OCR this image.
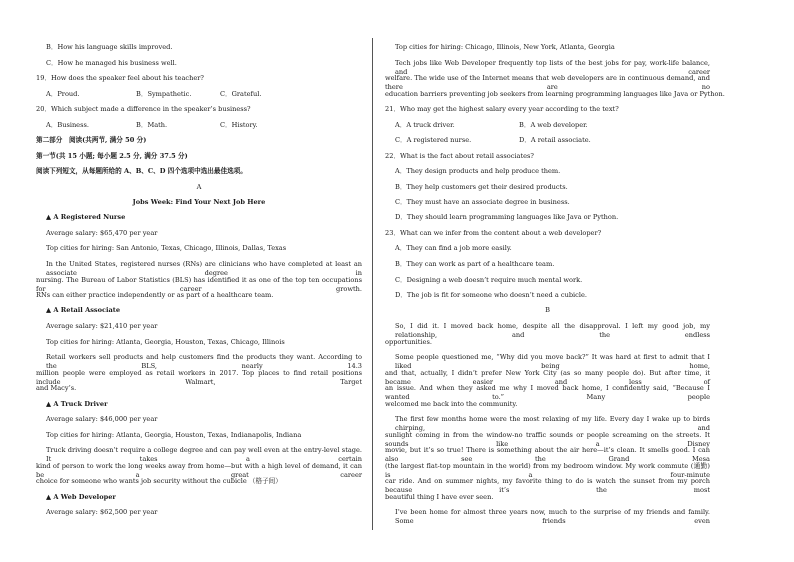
B．How his language skills improved.
C．How he managed his business well.
19．How does the speaker feel about his teacher?
A．Proud.	B．Sympathetic.	C．Grateful.
20．Which subject made a difference in the speaker’s business?
A．Business.	B．Math.	C．History.
第二部分　阅读(共两节, 满分 50 分)
第一节(共 15 小题; 每小题 2.5 分, 满分 37.5 分)
阅读下列短文，从每题所给的 A、B、C、D 四个选项中选出最佳选项。
A
Jobs Week: Find Your Next Job Here
▲ A Registered Nurse
Average salary: $65,470 per year
Top cities for hiring: San Antonio, Texas, Chicago, Illinois, Dallas, Texas
In the United States, registered nurses (RNs) are clinicians who have completed at least an associate degree in
nursing. The Bureau of Labor Statistics (BLS) has identified it as one of the top ten occupations for career growth.
RNs can either practice independently or as part of a healthcare team.
▲ A Retail Associate
Average salary: $21,410 per year
Top cities for hiring: Atlanta, Georgia, Houston, Texas, Chicago, Illinois
Retail workers sell products and help customers find the products they want. According to the BLS, nearly 14.3
million people were employed as retail workers in 2017. Top places to find retail positions include Walmart, Target
and Macy’s.
▲ A Truck Driver
Average salary: $46,000 per year
Top cities for hiring: Atlanta, Georgia, Houston, Texas, Indianapolis, Indiana
Truck driving doesn’t require a college degree and can pay well even at the entry-level stage. It takes a certain
kind of person to work the long weeks away from home—but with a high level of demand, it can be a great career
choice for someone who wants job security without the cubicle （格子间）
▲ A Web Developer
Average salary: $62,500 per year
Top cities for hiring: Chicago, Illinois, New York, Atlanta, Georgia
Tech jobs like Web Developer frequently top lists of the best jobs for pay, work-life balance, and career
welfare. The wide use of the Internet means that web developers are in continuous demand, and there are no
education barriers preventing job seekers from learning programming languages like Java or Python.
21．Who may get the highest salary every year according to the text?
A．A truck driver.	B．A web developer.
C．A registered nurse.	D．A retail associate.
22．What is the fact about retail associates?
A．They design products and help produce them.
B．They help customers get their desired products.
C．They must have an associate degree in business.
D．They should learn programming languages like Java or Python.
23．What can we infer from the content about a web developer?
A．They can find a job more easily.
B．They can work as part of a healthcare team.
C．Designing a web doesn’t require much mental work.
D．The job is fit for someone who doesn’t need a cubicle.
B
So, I did it. I moved back home, despite all the disapproval. I left my good job, my relationship, and the endless
opportunities.
Some people questioned me, “Why did you move back?” It was hard at first to admit that I liked being home,
and that, actually, I didn’t prefer New York City (as so many people do). But after time, it became easier and less of
an issue. And when they asked me why I moved back home, I confidently said, “Because I wanted to.” Many people
welcomed me back into the community.
The first few months home were the most relaxing of my life. Every day I wake up to birds chirping, and
sunlight coming in from the window-no traffic sounds or people screaming on the streets. It sounds like a Disney
movie, but it’s so true! There is something about the air here—it’s clean. It smells good. I can also see the Grand Mesa
(the largest flat-top mountain in the world) from my bedroom window. My work commute (通勤) is a four-minute
car ride. And on summer nights, my favorite thing to do is watch the sunset from my porch because it’s the most
beautiful thing I have ever seen.
I’ve been home for almost three years now, much to the surprise of my friends and family. Some friends even
